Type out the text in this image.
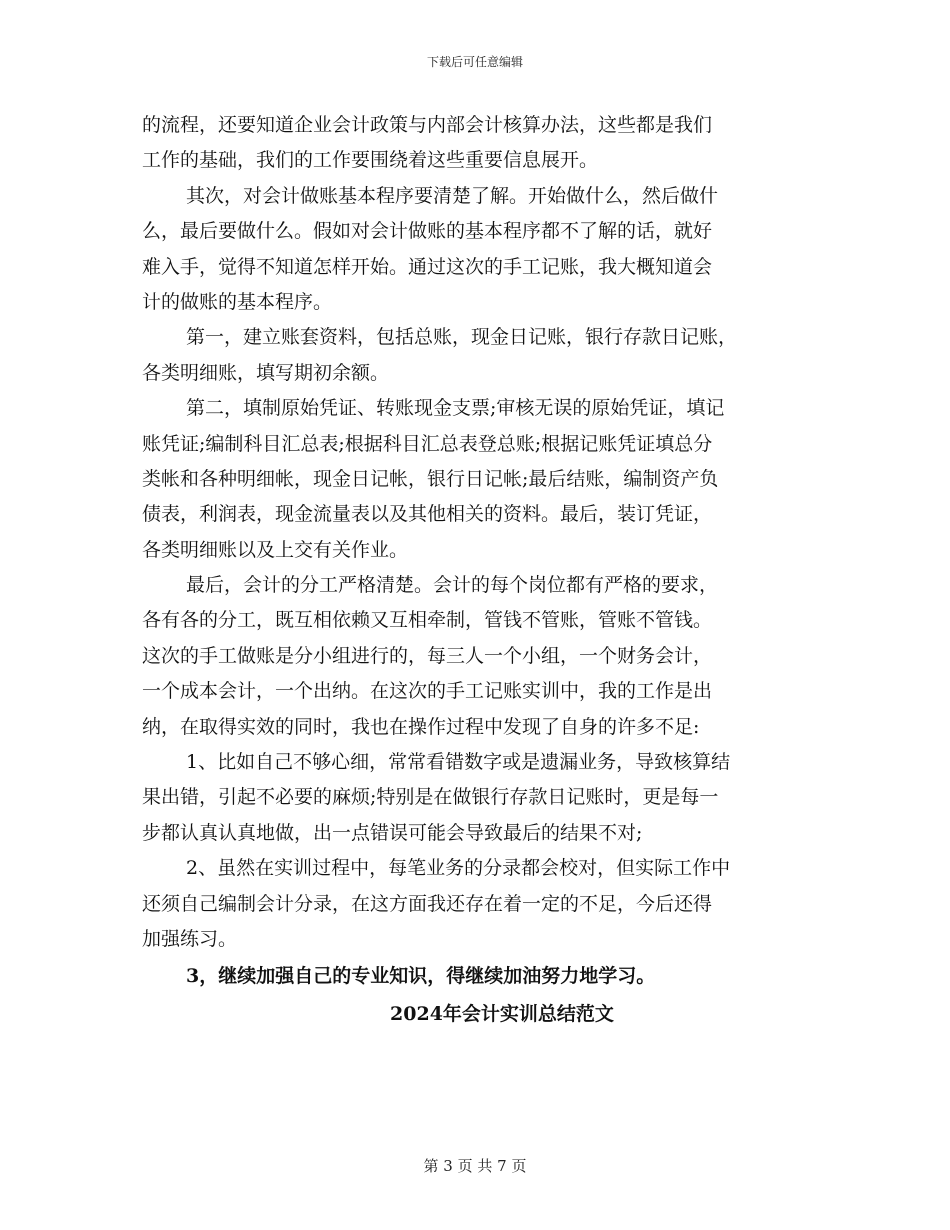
下载后可任意编辑
的流程，还要知道企业会计政策与内部会计核算办法，这些都是我们
工作的基础，我们的工作要围绕着这些重要信息展开。
其次，对会计做账基本程序要清楚了解。开始做什么，然后做什
么，最后要做什么。假如对会计做账的基本程序都不了解的话，就好
难入手，觉得不知道怎样开始。通过这次的手工记账，我大概知道会
计的做账的基本程序。
第一，建立账套资料，包括总账，现金日记账，银行存款日记账，
各类明细账，填写期初余额。
第二，填制原始凭证、转账现金支票;审核无误的原始凭证，填记
账凭证;编制科目汇总表;根据科目汇总表登总账;根据记账凭证填总分
类帐和各种明细帐，现金日记帐，银行日记帐;最后结账，编制资产负
债表，利润表，现金流量表以及其他相关的资料。最后，装订凭证，
各类明细账以及上交有关作业。
最后，会计的分工严格清楚。会计的每个岗位都有严格的要求，
各有各的分工，既互相依赖又互相牵制，管钱不管账，管账不管钱。
这次的手工做账是分小组进行的，每三人一个小组，一个财务会计，
一个成本会计，一个出纳。在这次的手工记账实训中，我的工作是出
纳，在取得实效的同时，我也在操作过程中发现了自身的许多不足:
1、比如自己不够心细，常常看错数字或是遗漏业务，导致核算结
果出错，引起不必要的麻烦;特别是在做银行存款日记账时，更是每一
步都认真认真地做，出一点错误可能会导致最后的结果不对;
2、虽然在实训过程中，每笔业务的分录都会校对，但实际工作中
还须自己编制会计分录，在这方面我还存在着一定的不足，今后还得
加强练习。
3，继续加强自己的专业知识，得继续加油努力地学习。
2024年会计实训总结范文
第 3 页 共 7 页
